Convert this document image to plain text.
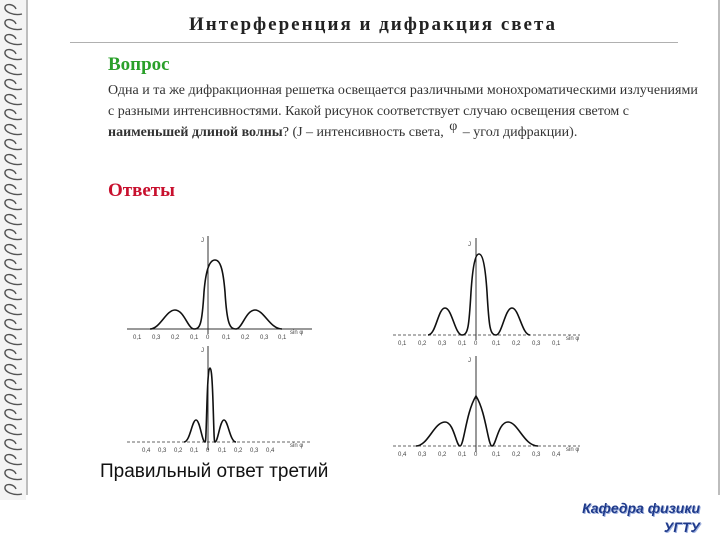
Интерференция и дифракция света
Вопрос
Одна и та же дифракционная решетка освещается различными монохроматическими излучениями с разными интенсивностями. Какой рисунок соответствует случаю освещения светом с наименьшей длиной волны? (J – интенсивность света, φ – угол дифракции).
Ответы
J
sin φ
0,1 0,3 0,2 0,1 0 0,1 0,2 0,3 0,1
J
sin φ
0,1 0,2 0,3 0,1 0 0,1 0,2 0,3 0,1
J
sin φ
0,4 0,3 0,2 0,1 0 0,1 0,2 0,3 0,4
J
sin φ
0,4 0,3 0,2 0,1 0 0,1 0,2 0,3 0,4
Правильный ответ третий
Кафедра физики
УГТУ
